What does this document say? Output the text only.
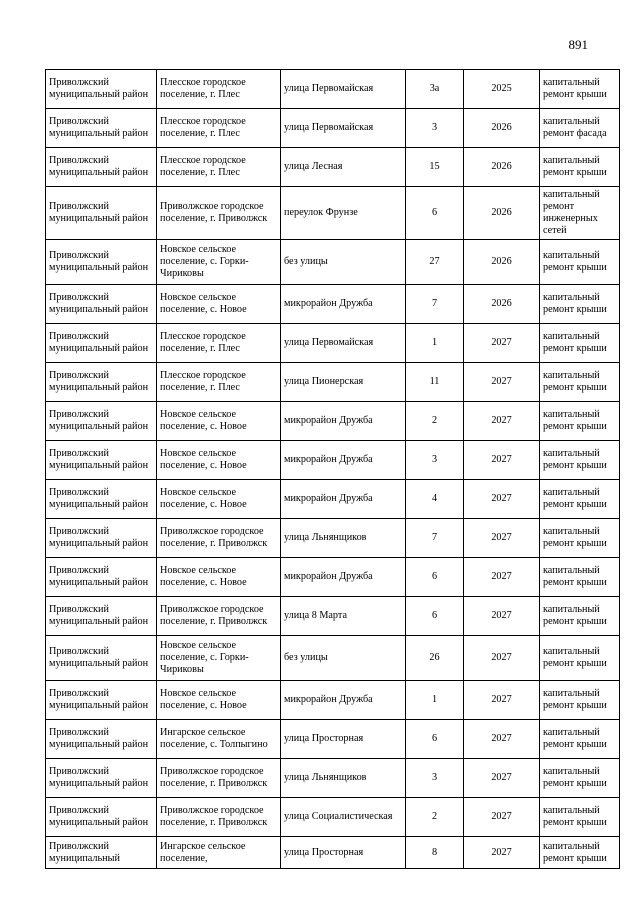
891
Приволжский муниципальный район	Плесское городское поселение, г. Плес	улица Первомайская	3а	2025	капитальный ремонт крыши
Приволжский муниципальный район	Плесское городское поселение, г. Плес	улица Первомайская	3	2026	капитальный ремонт фасада
Приволжский муниципальный район	Плесское городское поселение, г. Плес	улица Лесная	15	2026	капитальный ремонт крыши
Приволжский муниципальный район	Приволжское городское поселение, г. Приволжск	переулок Фрунзе	6	2026	капитальный ремонт инженерных сетей
Приволжский муниципальный район	Новское сельское поселение, с. Горки-Чириковы	без улицы	27	2026	капитальный ремонт крыши
Приволжский муниципальный район	Новское сельское поселение, с. Новое	микрорайон Дружба	7	2026	капитальный ремонт крыши
Приволжский муниципальный район	Плесское городское поселение, г. Плес	улица Первомайская	1	2027	капитальный ремонт крыши
Приволжский муниципальный район	Плесское городское поселение, г. Плес	улица Пионерская	11	2027	капитальный ремонт крыши
Приволжский муниципальный район	Новское сельское поселение, с. Новое	микрорайон Дружба	2	2027	капитальный ремонт крыши
Приволжский муниципальный район	Новское сельское поселение, с. Новое	микрорайон Дружба	3	2027	капитальный ремонт крыши
Приволжский муниципальный район	Новское сельское поселение, с. Новое	микрорайон Дружба	4	2027	капитальный ремонт крыши
Приволжский муниципальный район	Приволжское городское поселение, г. Приволжск	улица Льнянщиков	7	2027	капитальный ремонт крыши
Приволжский муниципальный район	Новское сельское поселение, с. Новое	микрорайон Дружба	6	2027	капитальный ремонт крыши
Приволжский муниципальный район	Приволжское городское поселение, г. Приволжск	улица 8 Марта	6	2027	капитальный ремонт крыши
Приволжский муниципальный район	Новское сельское поселение, с. Горки-Чириковы	без улицы	26	2027	капитальный ремонт крыши
Приволжский муниципальный район	Новское сельское поселение, с. Новое	микрорайон Дружба	1	2027	капитальный ремонт крыши
Приволжский муниципальный район	Ингарское сельское поселение, с. Толпыгино	улица Просторная	6	2027	капитальный ремонт крыши
Приволжский муниципальный район	Приволжское городское поселение, г. Приволжск	улица Льнянщиков	3	2027	капитальный ремонт крыши
Приволжский муниципальный район	Приволжское городское поселение, г. Приволжск	улица Социалистическая	2	2027	капитальный ремонт крыши
Приволжский муниципальный	Ингарское сельское поселение,	улица Просторная	8	2027	капитальный ремонт крыши
